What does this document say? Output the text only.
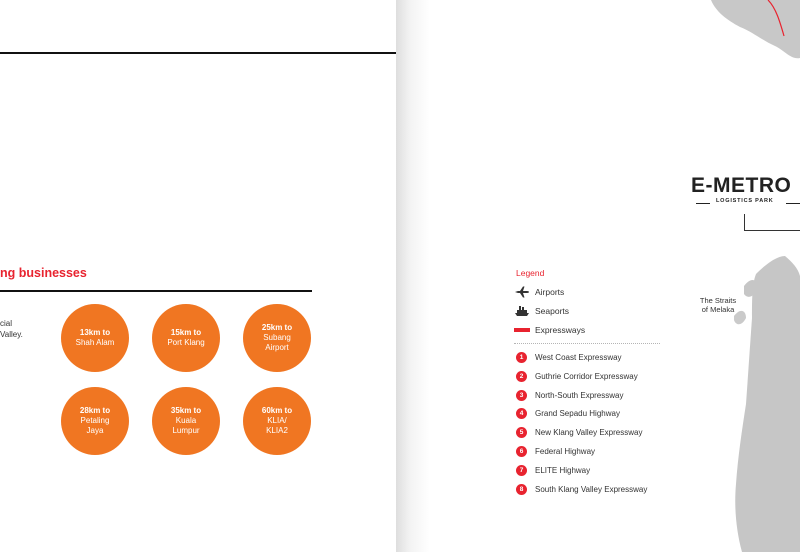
ng businesses
cial
Valley.	13km to
Shah Alam
15km to
Port Klang
25km to
Subang
Airport
28km to
Petaling
Jaya
35km to
Kuala
Lumpur
60km to
KLIA/
KLIA2
E-METRO
LOGISTICS PARK
The Straits
of Melaka
Legend
Airports
Seaports
Expressways
1	West Coast Expressway
2	Guthrie Corridor Expressway
3	North-South Expressway
4	Grand Sepadu Highway
5	New Klang Valley Expressway
6	Federal Highway
7	ELITE Highway
8	South Klang Valley Expressway
